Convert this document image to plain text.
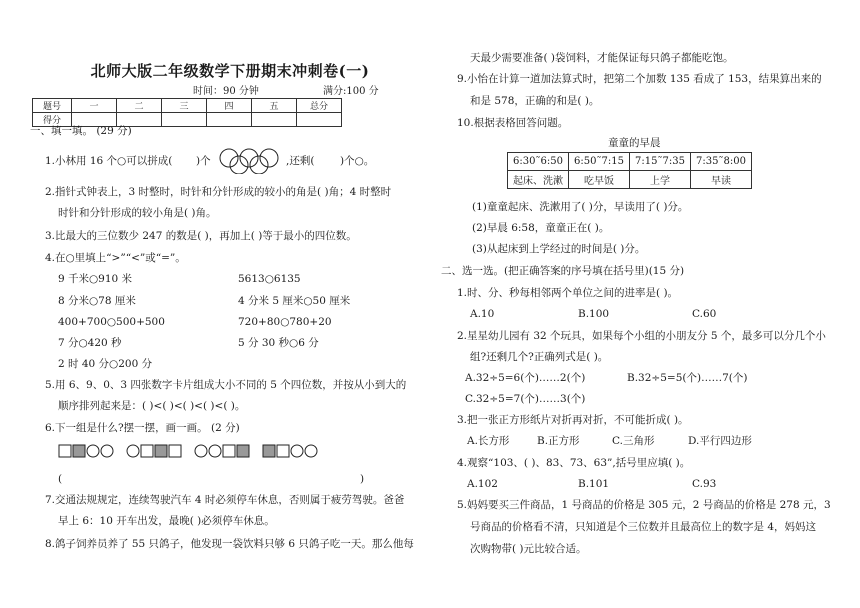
北师大版二年级数学下册期末冲刺卷(一)
时间：90 分钟	满分:100 分
题号	一	二	三	四	五	总分
得分						
一、填一填。 (29 分)
1.小林用 16 个○可以拼成( )个	,还剩( )个○。
2.指针式钟表上，3 时整时，时针和分针形成的较小的角是( )角；4 时整时
时针和分针形成的较小角是( )角。
3.比最大的三位数少 247 的数是( )，再加上( )等于最小的四位数。
4.在○里填上“>”“<”或“=”。
9 千米○910 米	5613○6135
8 分米○78 厘米	4 分米 5 厘米○50 厘米
400+700○500+500	720+80○780+20
7 分○420 秒	5 分 30 秒○6 分
2 时 40 分○200 分
5.用 6、9、0、3 四张数字卡片组成大小不同的 5 个四位数，并按从小到大的
顺序排列起来是：( )<( )<( )<( )<( )。
6.下一组是什么?摆一摆，画一画。 (2 分)
(	)
7.交通法规规定，连续驾驶汽车 4 时必须停车休息，否则属于疲劳驾驶。爸爸
早上 6：10 开车出发，最晚( )必须停车休息。
8.鸽子饲养员养了 55 只鸽子，他发现一袋饮料只够 6 只鸽子吃一天。那么他每
天最少需要准备( )袋饲料，才能保证每只鸽子都能吃饱。
9.小怡在计算一道加法算式时，把第二个加数 135 看成了 153，结果算出来的
和是 578，正确的和是( )。
10.根据表格回答问题。
童童的早晨
6:30˜6:50	6:50˜7:15	7:15˜7:35	7:35˜8:00
起床、洗漱	吃早饭	上学	早读
(1)童童起床、洗漱用了( )分，早读用了( )分。
(2)早晨 6:58，童童正在( )。
(3)从起床到上学经过的时间是( )分。
二、选一选。(把正确答案的序号填在括号里)(15 分)
1.时、分、秒每相邻两个单位之间的进率是( )。
A.10	B.100	C.60
2.星星幼儿园有 32 个玩具，如果每个小组的小朋友分 5 个，最多可以分几个小
组?还剩几个?正确列式是( )。
A.32÷5=6(个)……2(个)	B.32÷5=5(个)……7(个)
C.32÷5=7(个)……3(个)
3.把一张正方形纸片对折再对折，不可能折成( )。
A.长方形	B.正方形	C.三角形	D.平行四边形
4.观察“103、( )、83、73、63”,括号里应填( )。
A.102	B.101	C.93
5.妈妈要买三件商品，1 号商品的价格是 305 元，2 号商品的价格是 278 元，3
号商品的价格看不清，只知道是个三位数并且最高位上的数字是 4，妈妈这
次购物带( )元比较合适。
